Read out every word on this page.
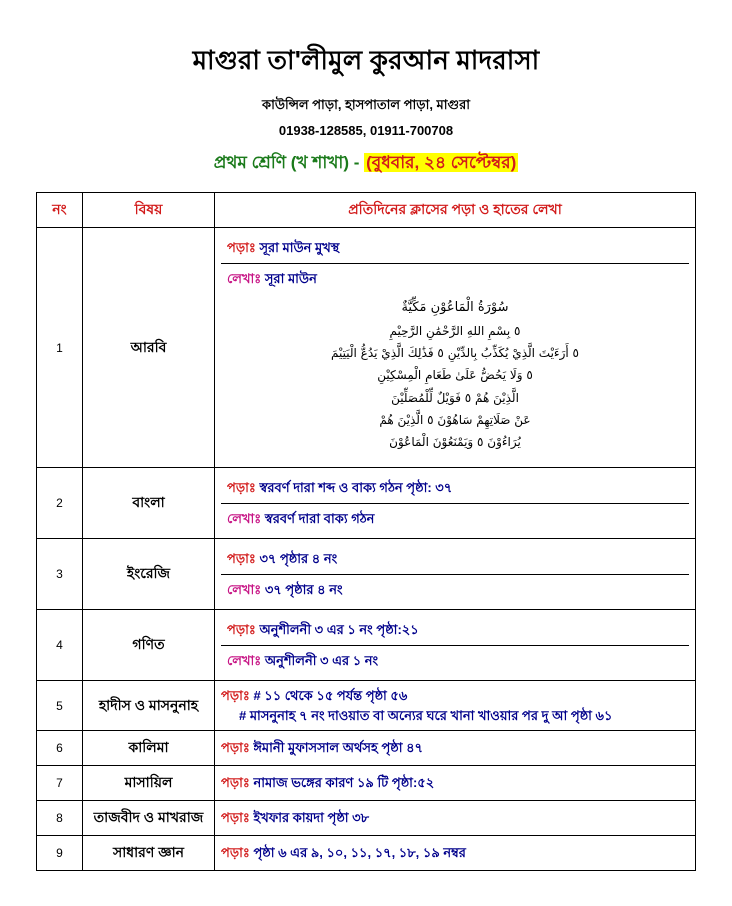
মাগুরা তা'লীমুল কুরআন মাদরাসা
কাউন্সিল পাড়া, হাসপাতাল পাড়া, মাগুরা
01938-128585, 01911-700708
প্রথম শ্রেণি (খ শাখা) - (বুধবার, ২৪ সেপ্টেম্বর)
নং	বিষয়	প্রতিদিনের ক্লাসের পড়া ও হাতের লেখা
1	আরবি	
পড়াঃ সূরা মাউন মুখস্থ

লেখাঃ সূরা মাউন
سُوْرَةُ الْمَاعُوْنِ مَكِّيَّةٌ
٥ بِسْمِ اللهِ الرَّحْمَٰنِ الرَّحِيْمِ
٥ أَرَءَيْتَ الَّذِيْ يُكَذِّبُ بِالدِّيْنِ ٥ فَذَٰلِكَ الَّذِيْ يَدُعُّ الْيَتِيْمَ
٥ وَلَا يَحُضُّ عَلَىٰ طَعَامِ الْمِسْكِيْنِ
الَّذِيْنَ هُمْ ٥ فَوَيْلٌ لِّلْمُصَلِّيْنَ
عَنْ صَلَاتِهِمْ سَاهُوْنَ ٥ الَّذِيْنَ هُمْ
يُرَاءُوْنَ ٥ وَيَمْنَعُوْنَ الْمَاعُوْنَ

2	বাংলা	
পড়াঃ স্বরবর্ণ দারা শব্দ ও বাক্য গঠন পৃষ্ঠা: ৩৭

লেখাঃ স্বরবর্ণ দারা বাক্য গঠন

3	ইংরেজি	
পড়াঃ ৩৭ পৃষ্ঠার ৪ নং

লেখাঃ ৩৭ পৃষ্ঠার ৪ নং

4	গণিত	
পড়াঃ অনুশীলনী ৩ এর ১ নং পৃষ্ঠা:২১

লেখাঃ অনুশীলনী ৩ এর ১ নং

5	হাদীস ও মাসনুনাহ	
পড়াঃ # ১১ থেকে ১৫ পর্যন্ত পৃষ্ঠা ৫৬
# মাসনুনাহ ৭ নং দাওয়াত বা অন্যের ঘরে খানা খাওয়ার পর দু আ পৃষ্ঠা ৬১

6	কালিমা	পড়াঃ ঈমানী মুফাসসাল অর্থসহ পৃষ্ঠা ৪৭

7	মাসায়িল	পড়াঃ নামাজ ভঙ্গের কারণ ১৯ টি পৃষ্ঠা:৫২

8	তাজবীদ ও মাখরাজ	পড়াঃ ইখফার কায়দা পৃষ্ঠা ৩৮

9	সাধারণ জ্ঞান	পড়াঃ পৃষ্ঠা ৬ এর ৯, ১০, ১১, ১৭, ১৮, ১৯ নম্বর
